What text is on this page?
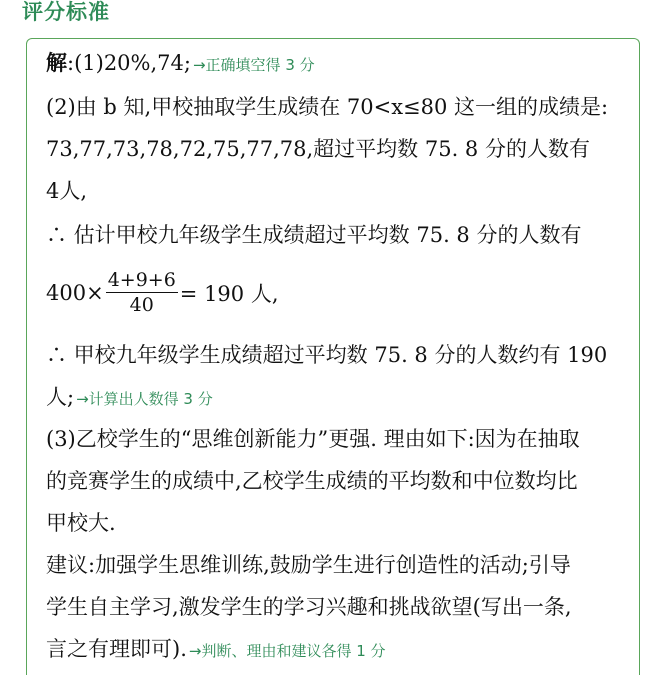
评分标准
解:(1)20%,74; →正确填空得 3 分
(2)由 b 知,甲校抽取学生成绩在 70<x≤80 这一组的成绩是:
73,77,73,78,72,75,77,78,超过平均数 75. 8 分的人数有
4人,
∴ 估计甲校九年级学生成绩超过平均数 75. 8 分的人数有
$400\times \frac{4+9+6}{40} = 190$ 人,
∴ 甲校九年级学生成绩超过平均数 75. 8 分的人数约有 190
人; →计算出人数得 3 分
(3)乙校学生的“思维创新能力”更强. 理由如下:因为在抽取
的竞赛学生的成绩中,乙校学生成绩的平均数和中位数均比
甲校大.
建议:加强学生思维训练,鼓励学生进行创造性的活动;引导
学生自主学习,激发学生的学习兴趣和挑战欲望(写出一条,
言之有理即可). →判断、理由和建议各得 1 分
